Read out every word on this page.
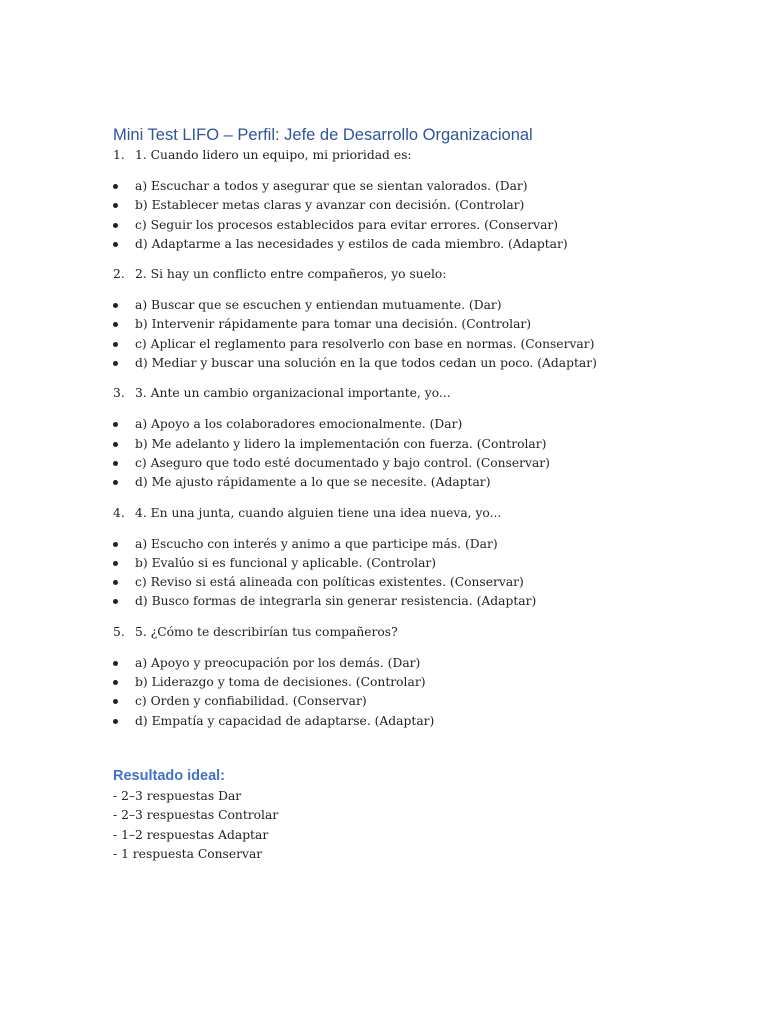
Mini Test LIFO – Perfil: Jefe de Desarrollo Organizacional

1. 1. Cuando lidero un equipo, mi prioridad es:

a) Escuchar a todos y asegurar que se sientan valorados. (Dar)
b) Establecer metas claras y avanzar con decisión. (Controlar)
c) Seguir los procesos establecidos para evitar errores. (Conservar)
d) Adaptarme a las necesidades y estilos de cada miembro. (Adaptar)

2. 2. Si hay un conflicto entre compañeros, yo suelo:

a) Buscar que se escuchen y entiendan mutuamente. (Dar)
b) Intervenir rápidamente para tomar una decisión. (Controlar)
c) Aplicar el reglamento para resolverlo con base en normas. (Conservar)
d) Mediar y buscar una solución en la que todos cedan un poco. (Adaptar)

3. 3. Ante un cambio organizacional importante, yo...

a) Apoyo a los colaboradores emocionalmente. (Dar)
b) Me adelanto y lidero la implementación con fuerza. (Controlar)
c) Aseguro que todo esté documentado y bajo control. (Conservar)
d) Me ajusto rápidamente a lo que se necesite. (Adaptar)

4. 4. En una junta, cuando alguien tiene una idea nueva, yo...

a) Escucho con interés y animo a que participe más. (Dar)
b) Evalúo si es funcional y aplicable. (Controlar)
c) Reviso si está alineada con políticas existentes. (Conservar)
d) Busco formas de integrarla sin generar resistencia. (Adaptar)

5. 5. ¿Cómo te describirían tus compañeros?

a) Apoyo y preocupación por los demás. (Dar)
b) Liderazgo y toma de decisiones. (Controlar)
c) Orden y confiabilidad. (Conservar)
d) Empatía y capacidad de adaptarse. (Adaptar)
Resultado ideal:

- 2–3 respuestas Dar

- 2–3 respuestas Controlar

- 1–2 respuestas Adaptar

- 1 respuesta Conservar
